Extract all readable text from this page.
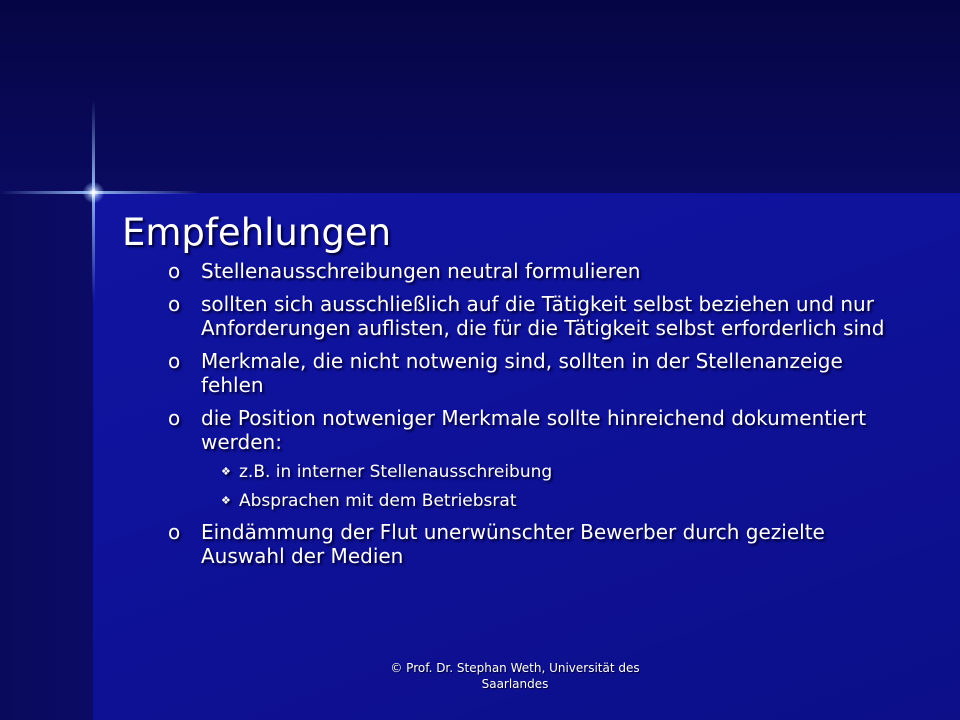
Empfehlungen
o Stellenausschreibungen neutral formulieren
o sollten sich ausschließlich auf die Tätigkeit selbst beziehen und nur Anforderungen auflisten, die für die Tätigkeit selbst erforderlich sind
o Merkmale, die nicht notwenig sind, sollten in der Stellenanzeige fehlen
o die Position notweniger Merkmale sollte hinreichend dokumentiert werden:
❖ z.B. in interner Stellenausschreibung
❖ Absprachen mit dem Betriebsrat
o Eindämmung der Flut unerwünschter Bewerber durch gezielte Auswahl der Medien
© Prof. Dr. Stephan Weth, Universität des Saarlandes
